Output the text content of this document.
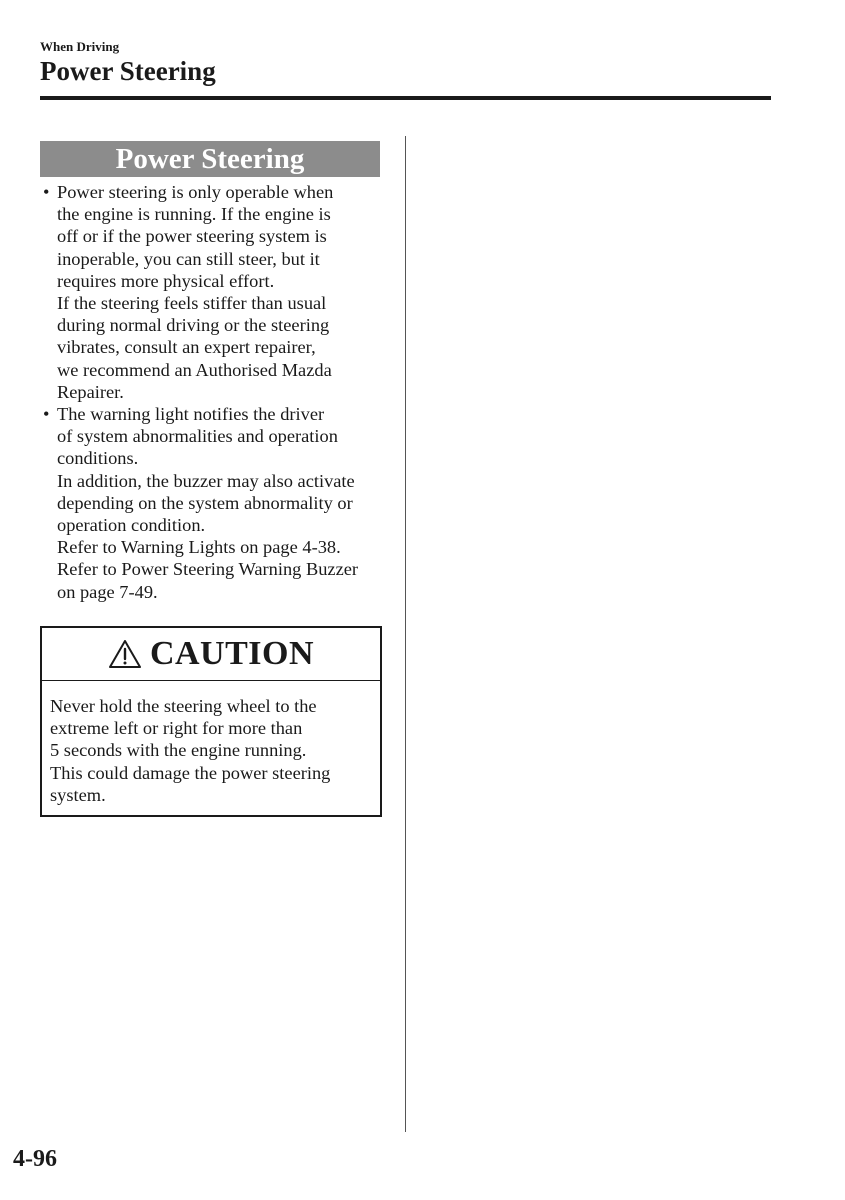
When Driving
Power Steering
Power Steering
• Power steering is only operable when
the engine is running. If the engine is
off or if the power steering system is
inoperable, you can still steer, but it
requires more physical effort.
If the steering feels stiffer than usual
during normal driving or the steering
vibrates, consult an expert repairer,
we recommend an Authorised Mazda
Repairer.
• The warning light notifies the driver
of system abnormalities and operation
conditions.
In addition, the buzzer may also activate
depending on the system abnormality or
operation condition.
Refer to Warning Lights on page 4-38.
Refer to Power Steering Warning Buzzer
on page 7-49.
CAUTION
Never hold the steering wheel to the
extreme left or right for more than
5 seconds with the engine running.
This could damage the power steering
system.
4-96
